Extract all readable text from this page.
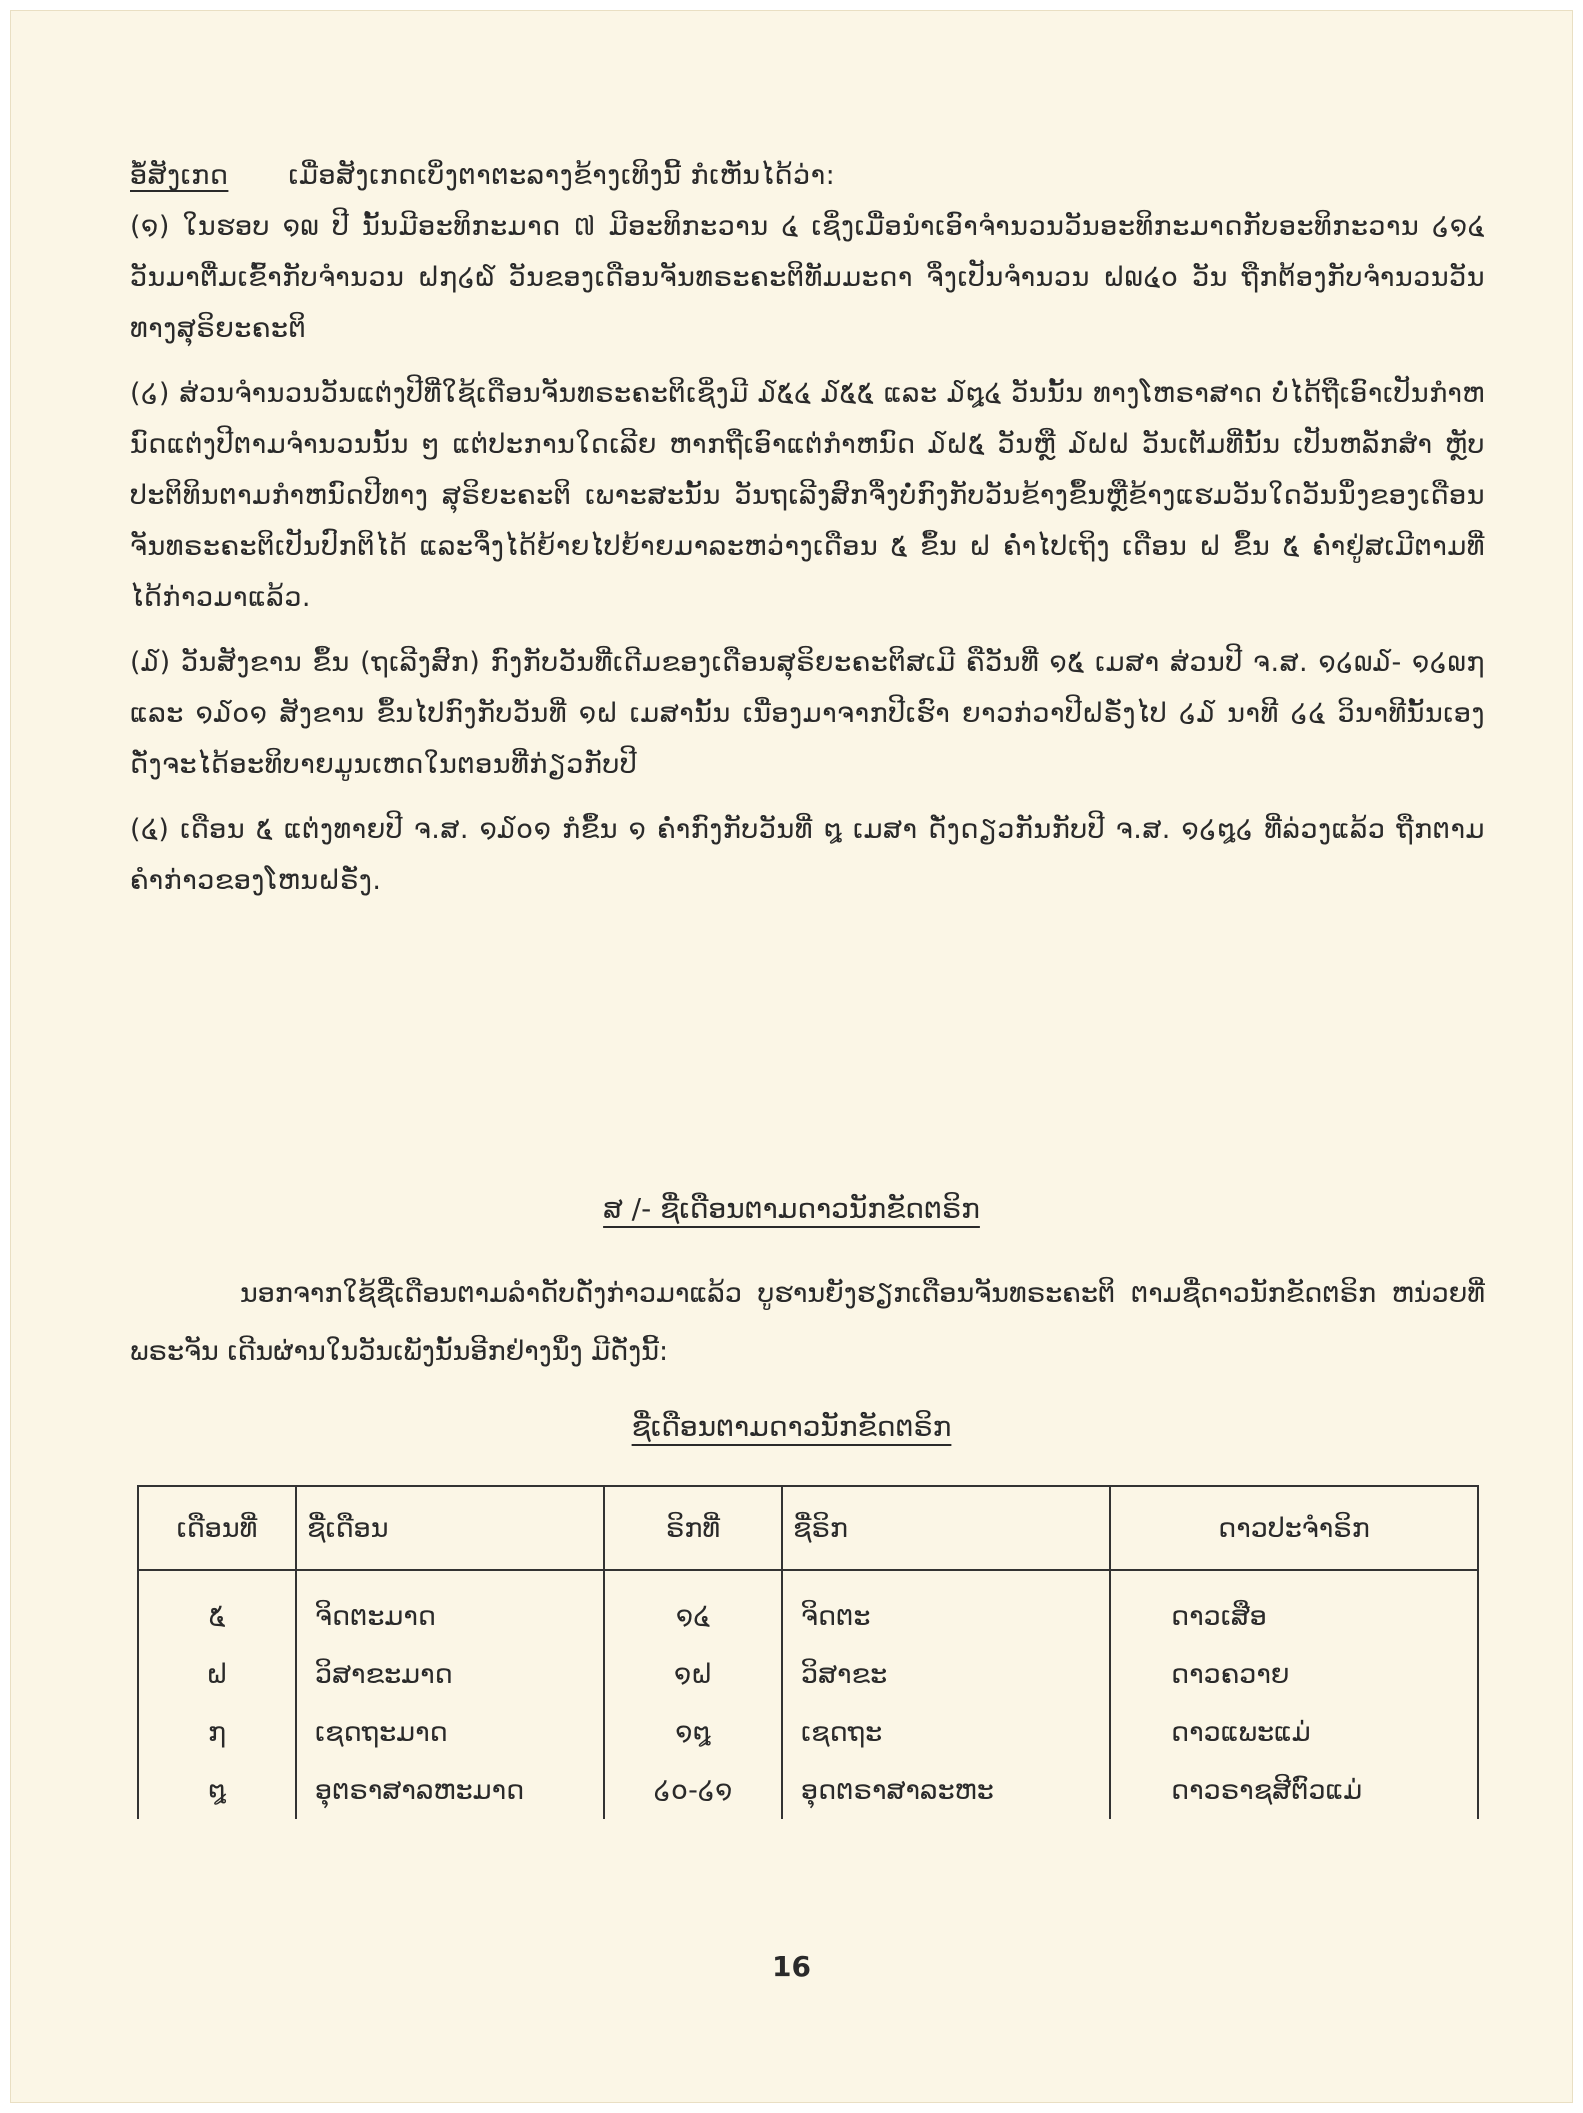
ອໍ້ສັງເກດ ເມື່ອສັງເກດເບິ່ງຕາຕະລາງຂ້າງເທິງນີ້ ກໍເຫັນໄດ້ວ່າ:

(໑) ໃນຮອບ ໑໙ ປີ ນັ້ນມີອະທິກະມາດ ៧ ມີອະທິກະວານ ໔ ເຊິ່ງເມື່ອນຳເອົາຈຳນວນວັນອະທິກະມາດກັບອະທິກະວານ ໒໑໔ ວັນມາຕື່ມເຂົ້າກັບຈຳນວນ ຝ໗໒໖ ວັນຂອງເດືອນຈັນທຣະຄະຕິທັມມະດາ ຈຶ່ງເປັນຈຳນວນ ຝ໙໔໐ ວັນ ຖືກຕ້ອງກັບຈຳນວນວັນທາງສຸຣິຍະຄະຕິ

(໒) ສ່ວນຈຳນວນວັນແຕ່ງປີທີ່ໃຊ້ເດືອນຈັນທຣະຄະຕິເຊິ່ງມີ ໓໕໔ ໓໕໕ ແລະ ໓໘໔ ວັນນັ້ນ ທາງໂຫຣາສາດ ບໍ່ໄດ້ຖືເອົາເປັນກຳຫນົດແຕ່ງປີຕາມຈຳນວນນັ້ນ ໆ ແຕ່ປະການໃດເລີຍ ຫາກຖືເອົາແຕ່ກຳຫນົດ ໓ຝ໕ ວັນຫຼື ໓ຝຝ ວັນເຕັມທີ່ນັ້ນ ເປັນຫລັກສຳ ຫຼັບປະຕິທິນຕາມກຳຫນົດປີທາງ ສຸຣິຍະຄະຕິ ເພາະສະນັ້ນ ວັນຖເລີງສົກຈຶ່ງບໍ່ກົງກັບວັນຂ້າງຂຶ້ນຫຼືຂ້າງແຮມວັນໃດວັນນຶ່ງຂອງເດືອນ ຈັນທຣະຄະຕິເປັນປົກຕິໄດ້ ແລະຈຶ່ງໄດ້ຍ້າຍໄປຍ້າຍມາລະຫວ່າງເດືອນ ໕ ຂຶ້ນ ຝ ຄ່ຳໄປເຖິງ ເດືອນ ຝ ຂຶ້ນ ໕ ຄ່ຳຢູ່ສເມີຕາມທີ່ໄດ້ກ່າວມາແລ້ວ.

(໓) ວັນສັງຂານ ຂຶ້ນ (ຖເລີງສົກ) ກົງກັບວັນທີ່ເດີມຂອງເດືອນສຸຣິຍະຄະຕິສເມີ ຄືວັນທີ່ ໑໕ ເມສາ ສ່ວນປີ ຈ.ສ. ໑໒໙໓- ໑໒໙໗ ແລະ ໑໓໐໑ ສັງຂານ ຂຶ້ນໄປກົງກັບວັນທີ່ ໑ຝ ເມສານັ້ນ ເນື່ອງມາຈາກປີເຮົາ ຍາວກ່ວາປີຝຣັ່ງໄປ ໒໓ ນາທີ ໒໔ ວິນາທີນັ້ນເອງ ດັ່ງຈະໄດ້ອະທິບາຍມູນເຫດໃນຕອນທີ່ກ່ຽວກັບປີ

(໔) ເດືອນ ໕ ແຕ່ງທາຍປີ ຈ.ສ. ໑໓໐໑ ກໍຂຶ້ນ ໑ ຄ່ຳກົງກັບວັນທີ່ ໘ ເມສາ ດັ່ງດຽວກັນກັບປີ ຈ.ສ. ໑໒໘໒ ທີ່ລ່ວງແລ້ວ ຖືກຕາມຄຳກ່າວຂອງໂຫນຝຣັ່ງ.

ສ /- ຊື່ເດືອນຕາມດາວນັກຂັດຕຣິກ
ນອກຈາກໃຊ້ຊື່ເດືອນຕາມລຳດັບດັ່ງກ່າວມາແລ້ວ ບູຮານຍັງຮຽກເດືອນຈັນທຣະຄະຕິ ຕາມຊື່ດາວນັກຂັດຕຣິກ ຫນ່ວຍທີ່ພຣະຈັນ ເດີນຜ່ານໃນວັນເພັງນັ້ນອີກຢ່າງນຶ່ງ ມີດັ່ງນີ້:
ຊື່ເດືອນຕາມດາວນັກຂັດຕຣິກ
ເດືອນທີ່	ຊື່ເດືອນ	ຣິກທີ່	ຊື່ຣິກ	ດາວປະຈຳຣິກ
໕	ຈິດຕະມາດ	໑໔	ຈິດຕະ	ດາວເສືອ
ຝ	ວິສາຂະມາດ	໑ຝ	ວິສາຂະ	ດາວຄວາຍ
໗	ເຊດຖະມາດ	໑໘	ເຊດຖະ	ດາວແພະແມ່
໘	ອຸຕຣາສາລຫະມາດ	໒໐-໒໑	ອຸດຕຣາສາລະຫະ	ດາວຣາຊສີຕົວແມ່
16
